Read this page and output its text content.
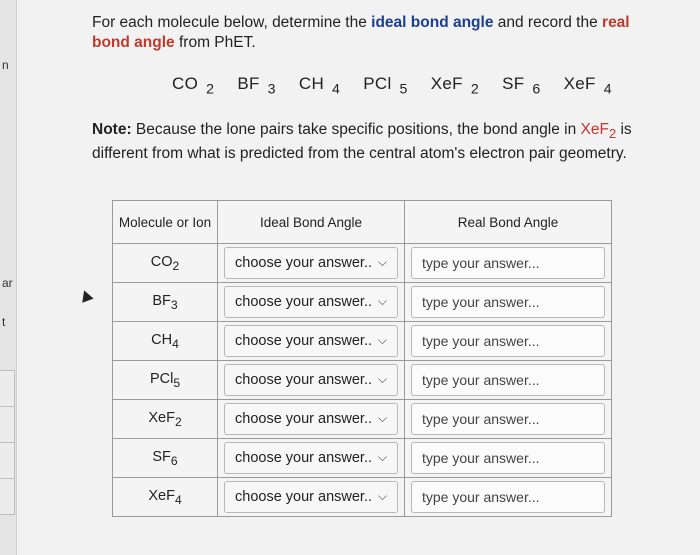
n
ar
t
For each molecule below, determine the ideal bond angle and record the real bond angle from PhET.
CO $_2$ BF $_3$ CH $_4$ PCl $_5$ XeF $_2$ SF $_6$ XeF $_4$
Note: Because the lone pairs take specific positions, the bond angle in XeF$_2$ is different from what is predicted from the central atom's electron pair geometry.
Molecule or Ion	Ideal Bond Angle	Real Bond Angle
$CO_2$	choose your answer.. ⌵	type your answer...

$BF_3$	choose your answer.. ⌵	type your answer...

$CH_4$	choose your answer.. ⌵	type your answer...

PCl$_5$	choose your answer.. ⌵	type your answer...

XeF$_2$	choose your answer.. ⌵	type your answer...

$SF_6$	choose your answer.. ⌵	type your answer...

XeF$_4$	choose your answer.. ⌵	type your answer...
